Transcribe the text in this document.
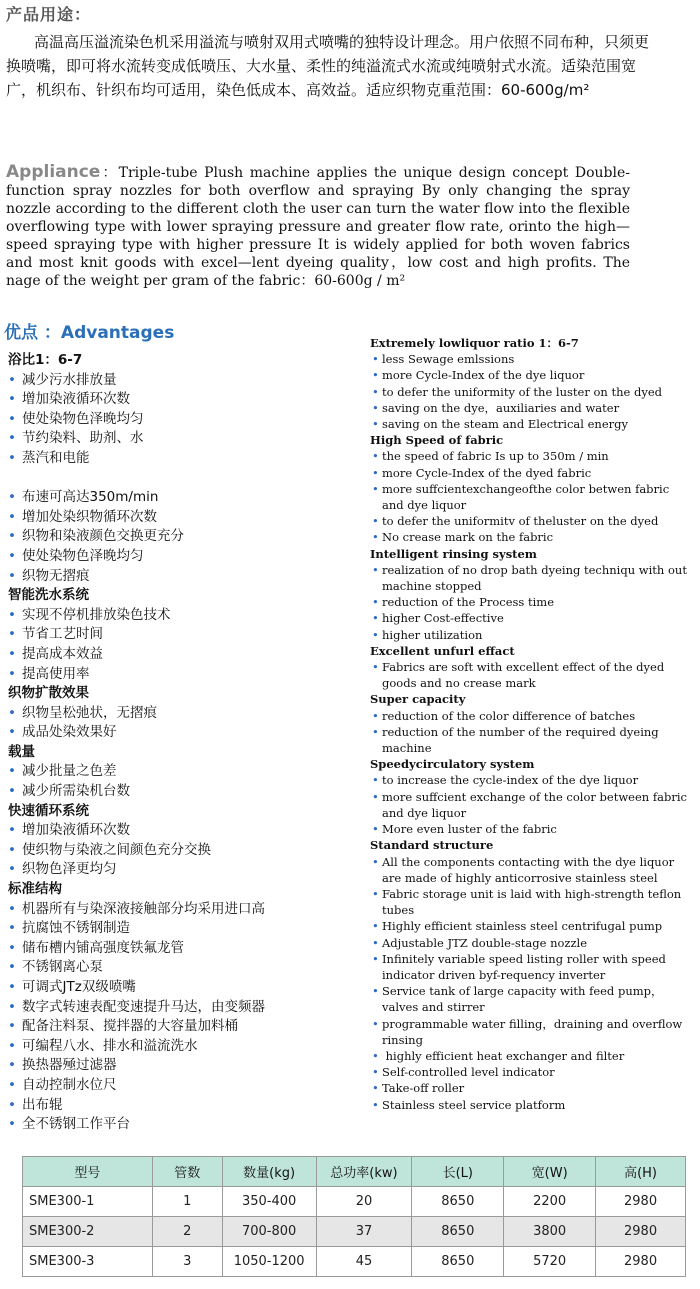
产品用途：
高温高压溢流染色机采用溢流与喷射双用式喷嘴的独特设计理念。用户依照不同布种，只须更换喷嘴，即可将水流转变成低喷压、大水量、柔性的纯溢流式水流或纯喷射式水流。适染范围宽广，机织布、针织布均可适用，染色低成本、高效益。适应织物克重范围：60-600g/m²
Appliance：Triple-tube Plush machine applies the unique design concept Double-function spray nozzles for both overflow and spraying By only changing the spray nozzle according to the different cloth the user can turn the water flow into the flexible overflowing type with lower spraying pressure and greater flow rate, orinto the high—speed spraying type with higher pressure It is widely applied for both woven fabrics and most knit goods with excel—lent dyeing quality，low cost and high profits. The nage of the weight per gram of the fabric：60-600g / m²
优点 ：Advantages
浴比1：6-7
• 减少污水排放量
• 增加染液循环次数
• 使处染物色泽晚均匀
• 节约染料、助剂、水
• 蒸汽和电能
• 布速可高达350m/min
• 增加处染织物循环次数
• 织物和染液颜色交换更充分
• 使处染物色泽晚均匀
• 织物无摺痕
智能洗水系统
• 实现不停机排放染色技术
• 节省工艺时间
• 提高成本效益
• 提高使用率
织物扩散效果
• 织物呈松弛状，无摺痕
• 成品处染效果好
载量
• 减少批量之色差
• 减少所需染机台数
快速循环系统
• 增加染液循环次数
• 使织物与染液之间颜色充分交换
• 织物色泽更均匀
标准结构
• 机器所有与染深液接触部分均采用进口高
• 抗腐蚀不锈钢制造
• 储布槽内铺高强度铁氟龙管
• 不锈钢离心泵
• 可调式JTz双级喷嘴
• 数字式转速表配变速提升马达，由变频器
• 配备注料泵、搅拌器的大容量加料桶
• 可编程八水、排水和溢流洗水
• 换热器殛过滤器
• 自动控制水位尺
• 出布辊
• 全不锈钢工作平台
Extremely lowliquor ratio 1：6-7
• less Sewage emlssions
• more Cycle-Index of the dye liquor
• to defer the uniformity of the luster on the dyed
• saving on the dye，auxiliaries and water
• saving on the steam and Electrical energy
High Speed of fabric
• the speed of fabric Is up to 350m / min
• more Cycle-Index of the dyed fabric
• more suffcientexchangeofthe color betwen fabric and dye liquor
• to defer the uniformitv of theluster on the dyed
• No crease mark on the fabric
Intelligent rinsing system
• realization of no drop bath dyeing techniqu with out machine stopped
• reduction of the Process time
• higher Cost-effective
• higher utilization
Excellent unfurl effact
• Fabrics are soft with excellent effect of the dyed goods and no crease mark
Super capacity
• reduction of the color difference of batches
• reduction of the number of the required dyeing machine
Speedycirculatory system
• to increase the cycle-index of the dye liquor
• more suffcient exchange of the color between fabric and dye liquor
• More even luster of the fabric
Standard structure
• All the components contacting with the dye liquor are made of highly anticorrosive stainless steel
• Fabric storage unit is laid with high-strength teflon tubes
• Highly efficient stainless steel centrifugal pump
• Adjustable JTZ double-stage nozzle
• Infinitely variable speed listing roller with speed indicator driven byf-requency inverter
• Service tank of large capacity with feed pump，valves and stirrer
• programmable water filling，draining and overflow rinsing
• highly efficient heat exchanger and filter
• Self-controlled level indicator
• Take-off roller
• Stainless steel service platform
型号	管数	数量(kg)	总功率(kw)	长(L)	宽(W)	高(H)
SME300-1	1	350-400	20	8650	2200	2980
SME300-2	2	700-800	37	8650	3800	2980
SME300-3	3	1050-1200	45	8650	5720	2980
